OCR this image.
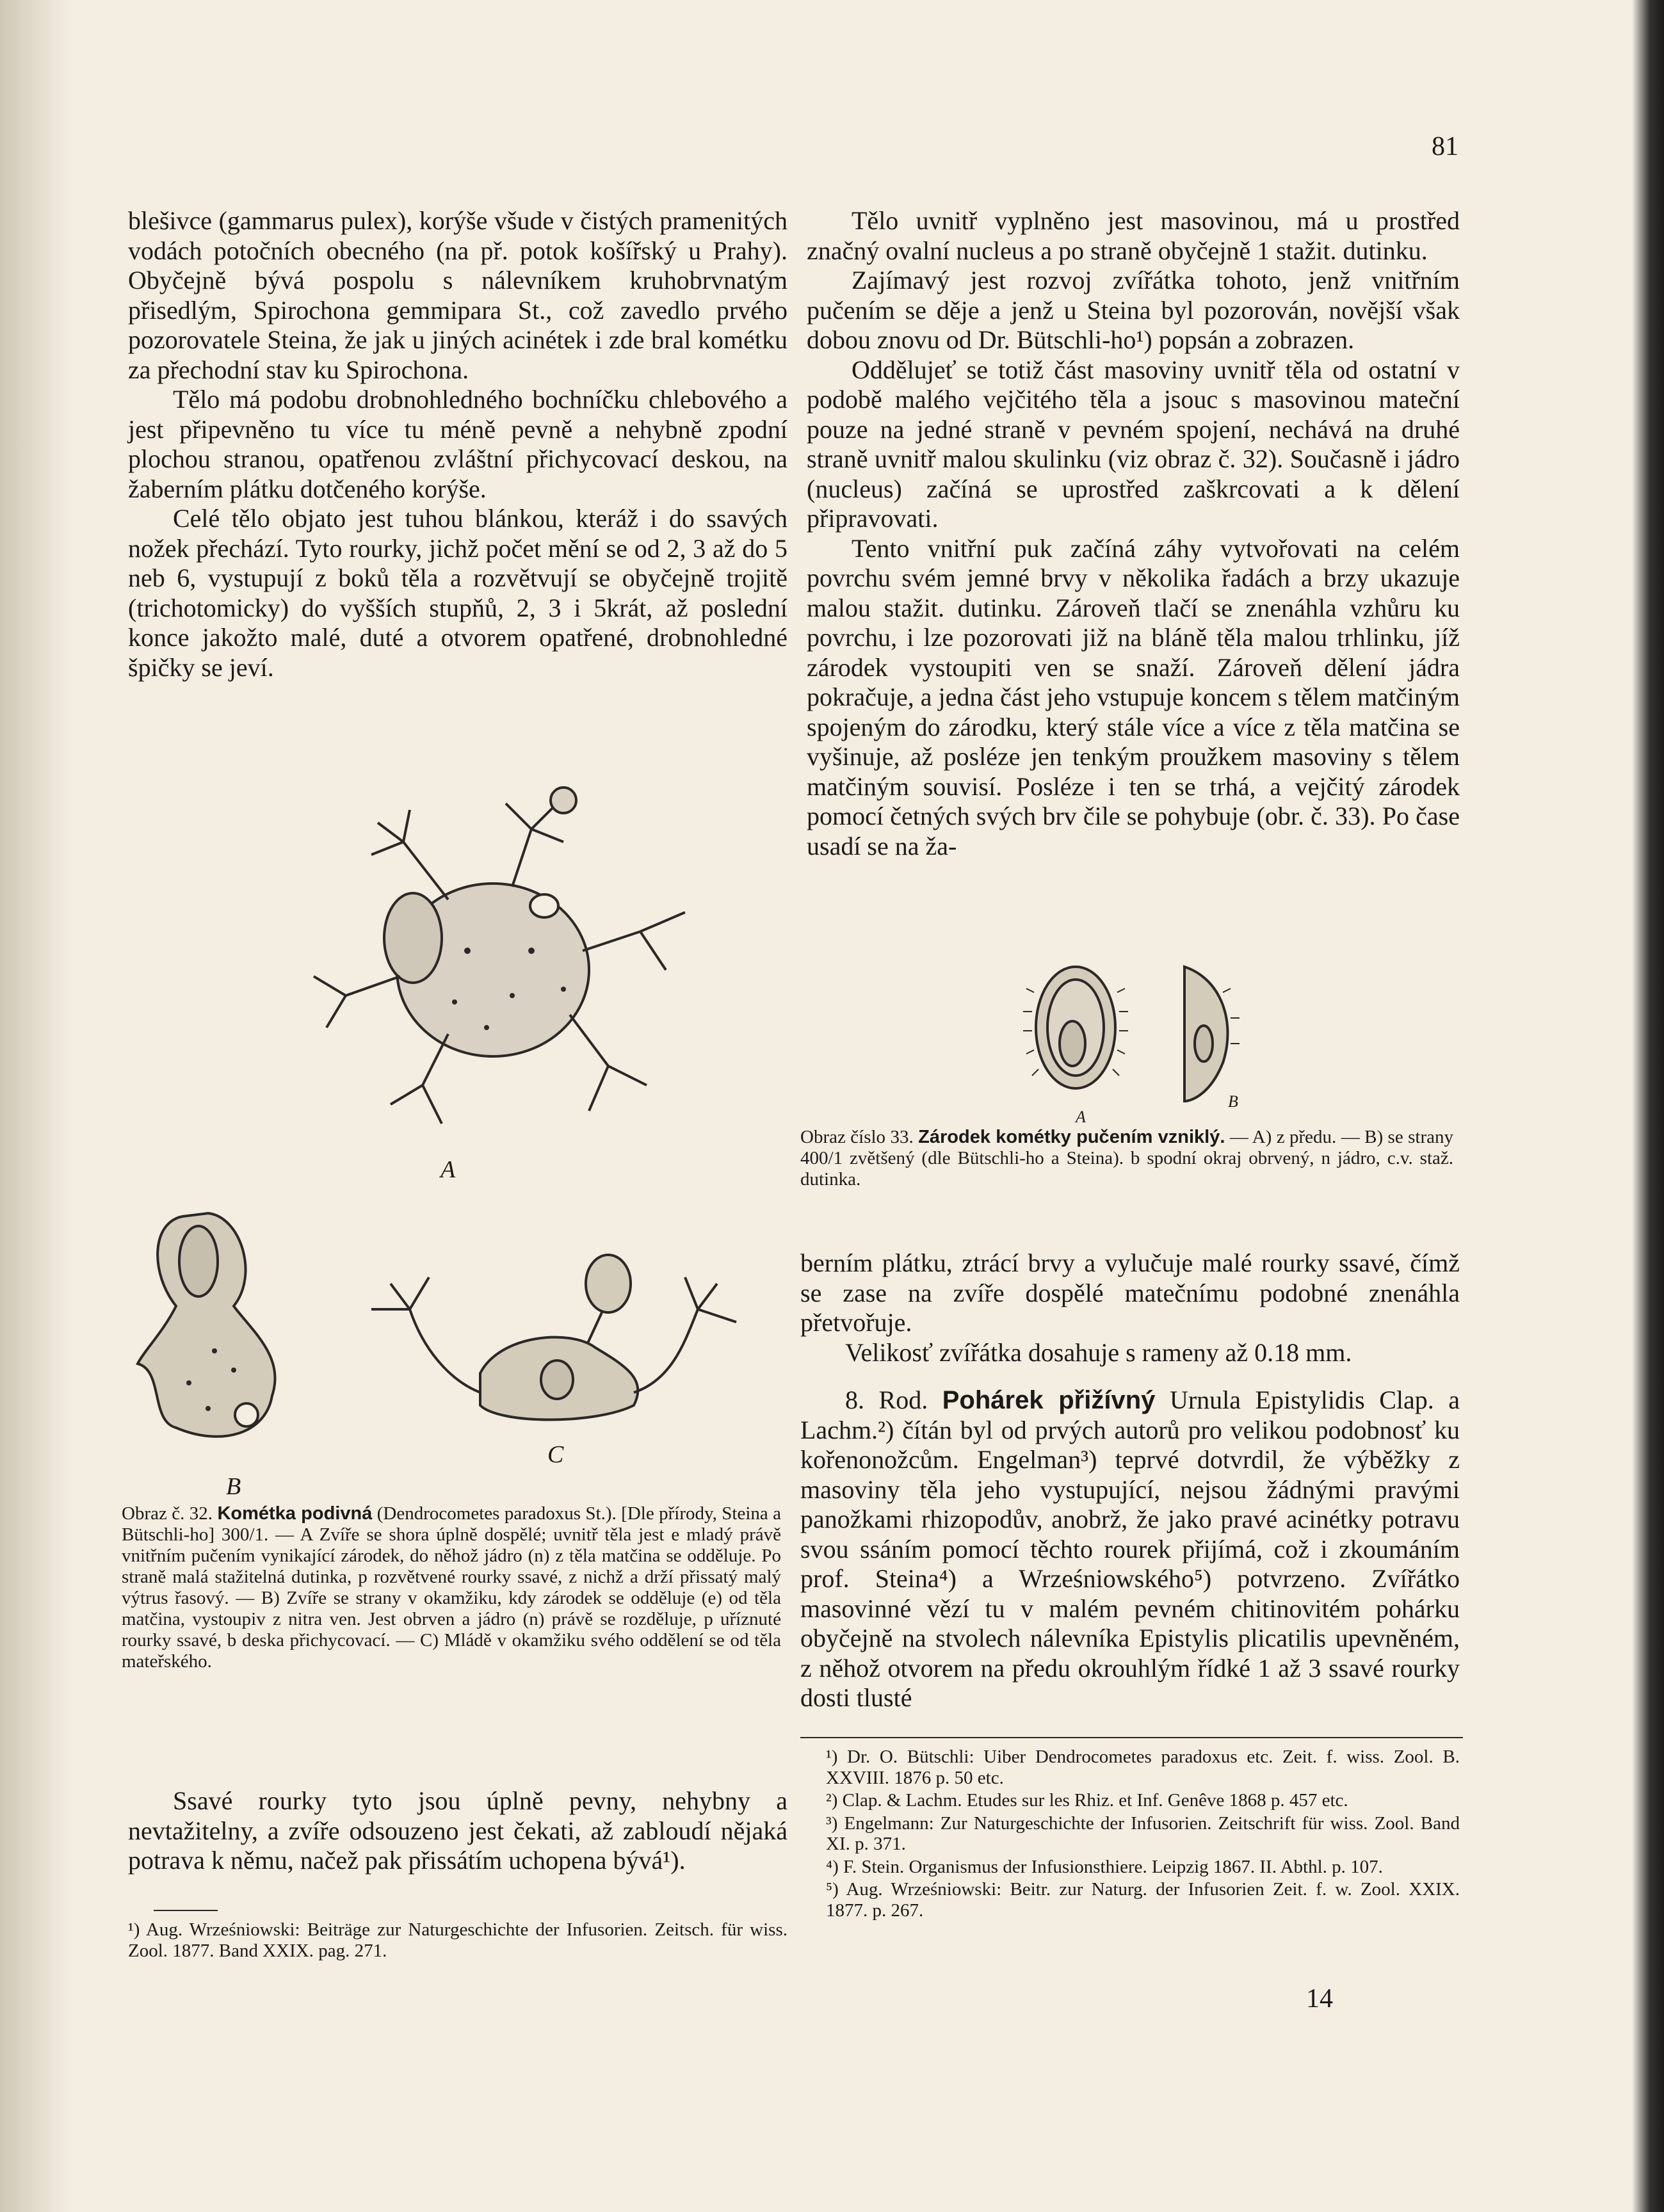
81

blešivce (gammarus pulex), korýše všude v čistých pramenitých vodách potočních obecného (na př. potok košířský u Prahy). Obyčejně bývá pospolu s nálevníkem kruhobrvnatým přisedlým, Spirochona gemmipara St., což zavedlo prvého pozorovatele Steina, že jak u jiných acinétek i zde bral kométku za přechodní stav ku Spirochona.

Tělo má podobu drobnohledného bochníčku chlebového a jest připevněno tu více tu méně pevně a nehybně zpodní plochou stranou, opatřenou zvláštní přichycovací deskou, na žaberním plátku dotčeného korýše.

Celé tělo objato jest tuhou blánkou, kteráž i do ssavých nožek přechází. Tyto rourky, jichž počet mění se od 2, 3 až do 5 neb 6, vystupují z boků těla a rozvětvují se obyčejně trojitě (trichotomicky) do vyšších stupňů, 2, 3 i 5krát, až poslední konce jakožto malé, duté a otvorem opatřené, drobnohledné špičky se jeví.

A
B
C
Obraz č. 32. Kométka podivná (Dendrocometes paradoxus St.). [Dle přírody, Steina a Bütschli-ho] 300/1. — A Zvíře se shora úplně dospělé; uvnitř těla jest e mladý právě vnitřním pučením vynikající zárodek, do něhož jádro (n) z těla matčina se odděluje. Po straně malá stažitelná dutinka, p rozvětvené rourky ssavé, z nichž a drží přissatý malý výtrus řasový. — B) Zvíře se strany v okamžiku, kdy zárodek se odděluje (e) od těla matčina, vystoupiv z nitra ven. Jest obrven a jádro (n) právě se rozděluje, p uříznuté rourky ssavé, b deska přichycovací. — C) Mládě v okamžiku svého oddělení se od těla mateřského.

Ssavé rourky tyto jsou úplně pevny, nehybny a nevtažitelny, a zvíře odsouzeno jest čekati, až zabloudí nějaká potrava k němu, načež pak přissátím uchopena bývá¹).

¹) Aug. Wrześniowski: Beiträge zur Naturgeschichte der Infusorien. Zeitsch. für wiss. Zool. 1877. Band XXIX. pag. 271.

Tělo uvnitř vyplněno jest masovinou, má u prostřed značný ovalní nucleus a po straně obyčejně 1 stažit. dutinku.

Zajímavý jest rozvoj zvířátka tohoto, jenž vnitřním pučením se děje a jenž u Steina byl pozorován, novější však dobou znovu od Dr. Bütschli-ho¹) popsán a zobrazen.

Oddělujeť se totiž část masoviny uvnitř těla od ostatní v podobě malého vejčitého těla a jsouc s masovinou mateční pouze na jedné straně v pevném spojení, nechává na druhé straně uvnitř malou skulinku (viz obraz č. 32). Současně i jádro (nucleus) začíná se uprostřed zaškrcovati a k dělení připravovati.

Tento vnitřní puk začíná záhy vytvořovati na celém povrchu svém jemné brvy v několika řadách a brzy ukazuje malou stažit. dutinku. Zároveň tlačí se znenáhla vzhůru ku povrchu, i lze pozorovati již na bláně těla malou trhlinku, jíž zárodek vystoupiti ven se snaží. Zároveň dělení jádra pokračuje, a jedna část jeho vstupuje koncem s tělem matčiným spojeným do zárodku, který stále více a více z těla matčina se vyšinuje, až posléze jen tenkým proužkem masoviny s tělem matčiným souvisí. Posléze i ten se trhá, a vejčitý zárodek pomocí četných svých brv čile se pohybuje (obr. č. 33). Po čase usadí se na ža-

A
B
Obraz číslo 33. Zárodek kométky pučením vzniklý. — A) z předu. — B) se strany 400/1 zvětšený (dle Bütschli-ho a Steina). b spodní okraj obrvený, n jádro, c.v. staž. dutinka.

berním plátku, ztrácí brvy a vylučuje malé rourky ssavé, čímž se zase na zvíře dospělé matečnímu podobné znenáhla přetvořuje.

Velikosť zvířátka dosahuje s rameny až 0.18 mm.

8. Rod. Pohárek přižívný Urnula Epistylidis Clap. a Lachm.²) čítán byl od prvých autorů pro velikou podobnosť ku kořenonožcům. Engelman³) teprvé dotvrdil, že výběžky z masoviny těla jeho vystupující, nejsou žádnými pravými panožkami rhizopodův, anobrž, že jako pravé acinétky potravu svou ssáním pomocí těchto rourek přijímá, což i zkoumáním prof. Steina⁴) a Wrześniowského⁵) potvrzeno. Zvířátko masovinné vězí tu v malém pevném chitinovitém pohárku obyčejně na stvolech nálevníka Epistylis plicatilis upevněném, z něhož otvorem na předu okrouhlým řídké 1 až 3 ssavé rourky dosti tlusté

¹) Dr. O. Bütschli: Uiber Dendrocometes paradoxus etc. Zeit. f. wiss. Zool. B. XXVIII. 1876 p. 50 etc.

²) Clap. & Lachm. Etudes sur les Rhiz. et Inf. Genêve 1868 p. 457 etc.

³) Engelmann: Zur Naturgeschichte der Infusorien. Zeitschrift für wiss. Zool. Band XI. p. 371.

⁴) F. Stein. Organismus der Infusionsthiere. Leipzig 1867. II. Abthl. p. 107.

⁵) Aug. Wrześniowski: Beitr. zur Naturg. der Infusorien Zeit. f. w. Zool. XXIX. 1877. p. 267.

14
